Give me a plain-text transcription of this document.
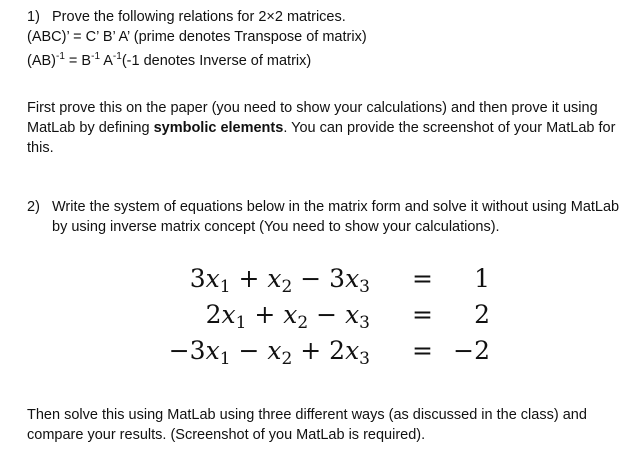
1) Prove the following relations for 2×2 matrices.
(ABC)’ = C’ B’ A’ (prime denotes Transpose of matrix)
$(AB)^{-1} = B^{-1}$ $A^{-1}(-1$ denotes Inverse of matrix)
First prove this on the paper (you need to show your calculations) and then prove it using MatLab by defining symbolic elements. You can provide the screenshot of your MatLab for this.
2) Write the system of equations below in the matrix form and solve it without using MatLab by using inverse matrix concept (You need to show your calculations).
$3x_1 + x_2 - 3x_3$ =	1
$2x_1 + x_2 - x_3$ =	2
$-3x_1 - x_2 + 2x_3 = -2$
Then solve this using MatLab using three different ways (as discussed in the class) and compare your results. (Screenshot of you MatLab is required).
